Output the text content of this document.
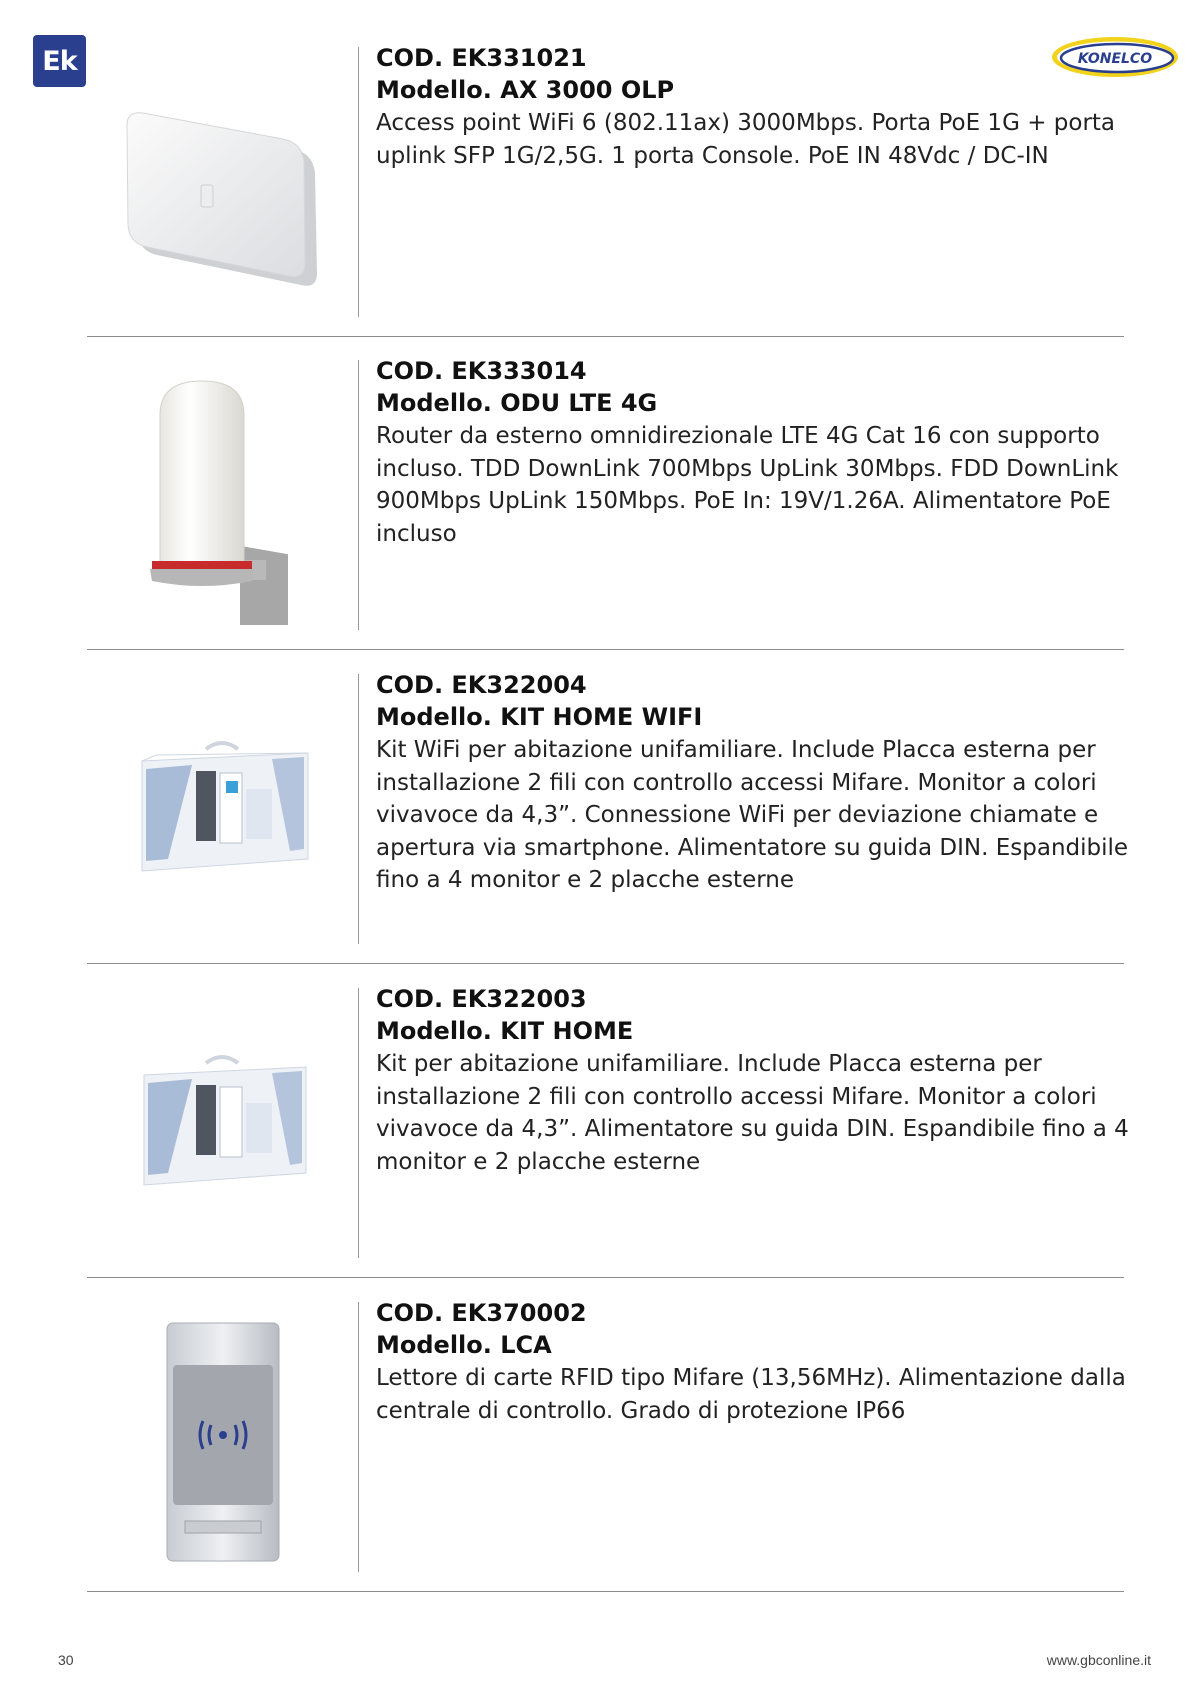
Ek	KONELCO
COD. EK331021
Modello. AX 3000 OLP
Access point WiFi 6 (802.11ax) 3000Mbps. Porta PoE 1G + porta uplink SFP 1G/2,5G. 1 porta Console. PoE IN 48Vdc / DC-IN
COD. EK333014
Modello. ODU LTE 4G
Router da esterno omnidirezionale LTE 4G Cat 16 con supporto incluso. TDD DownLink 700Mbps UpLink 30Mbps. FDD DownLink 900Mbps UpLink 150Mbps. PoE In: 19V/1.26A. Alimentatore PoE incluso
COD. EK322004
Modello. KIT HOME WIFI
Kit WiFi per abitazione unifamiliare. Include Placca esterna per installazione 2 fili con controllo accessi Mifare. Monitor a colori vivavoce da 4,3”. Connessione WiFi per deviazione chiamate e apertura via smartphone. Alimentatore su guida DIN. Espandibile fino a 4 monitor e 2 placche esterne
COD. EK322003
Modello. KIT HOME
Kit per abitazione unifamiliare. Include Placca esterna per installazione 2 fili con controllo accessi Mifare. Monitor a colori vivavoce da 4,3”. Alimentatore su guida DIN. Espandibile fino a 4 monitor e 2 placche esterne
COD. EK370002
Modello. LCA
Lettore di carte RFID tipo Mifare (13,56MHz). Alimentazione dalla centrale di controllo. Grado di protezione IP66
30	www.gbconline.it
